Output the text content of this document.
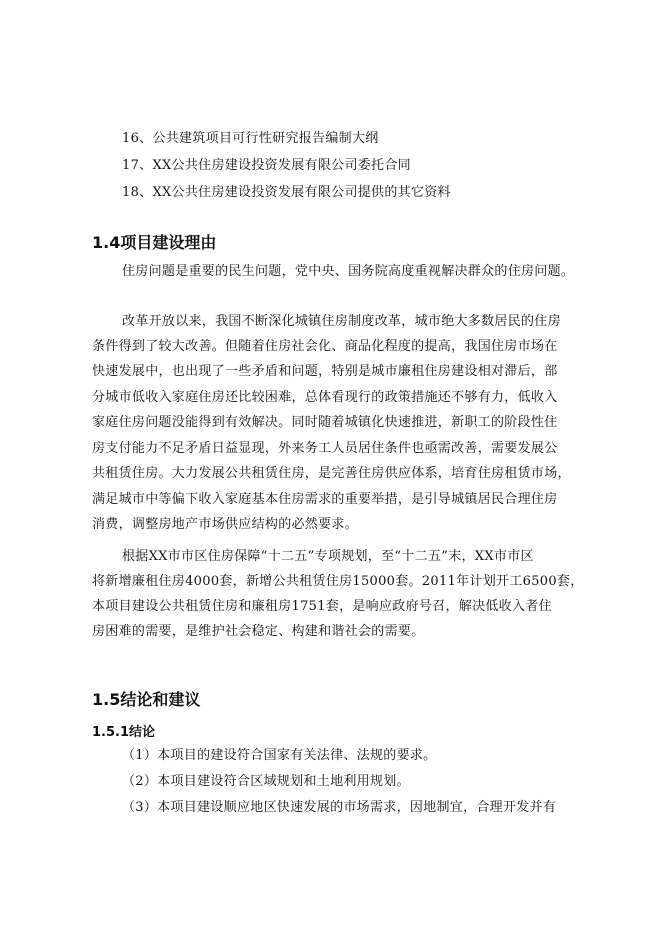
16、公共建筑项目可行性研究报告编制大纲
17、XX公共住房建设投资发展有限公司委托合同
18、XX公共住房建设投资发展有限公司提供的其它资料
1.4项目建设理由
住房问题是重要的民生问题，党中央、国务院高度重视解决群众的住房问题。
改革开放以来，我国不断深化城镇住房制度改革，城市绝大多数居民的住房
条件得到了较大改善。但随着住房社会化、商品化程度的提高，我国住房市场在
快速发展中，也出现了一些矛盾和问题，特别是城市廉租住房建设相对滞后，部
分城市低收入家庭住房还比较困难，总体看现行的政策措施还不够有力，低收入
家庭住房问题没能得到有效解决。同时随着城镇化快速推进，新职工的阶段性住
房支付能力不足矛盾日益显现，外来务工人员居住条件也亟需改善，需要发展公
共租赁住房。大力发展公共租赁住房，是完善住房供应体系，培育住房租赁市场，
满足城市中等偏下收入家庭基本住房需求的重要举措，是引导城镇居民合理住房
消费，调整房地产市场供应结构的必然要求。
根据XX市市区住房保障“十二五”专项规划，至“十二五”末，XX市市区
将新增廉租住房4000套，新增公共租赁住房15000套。2011年计划开工6500套，
本项目建设公共租赁住房和廉租房1751套，是响应政府号召，解决低收入者住
房困难的需要，是维护社会稳定、构建和谐社会的需要。
1.5结论和建议
1.5.1结论
（1）本项目的建设符合国家有关法律、法规的要求。
（2）本项目建设符合区域规划和土地利用规划。
（3）本项目建设顺应地区快速发展的市场需求，因地制宜，合理开发并有
